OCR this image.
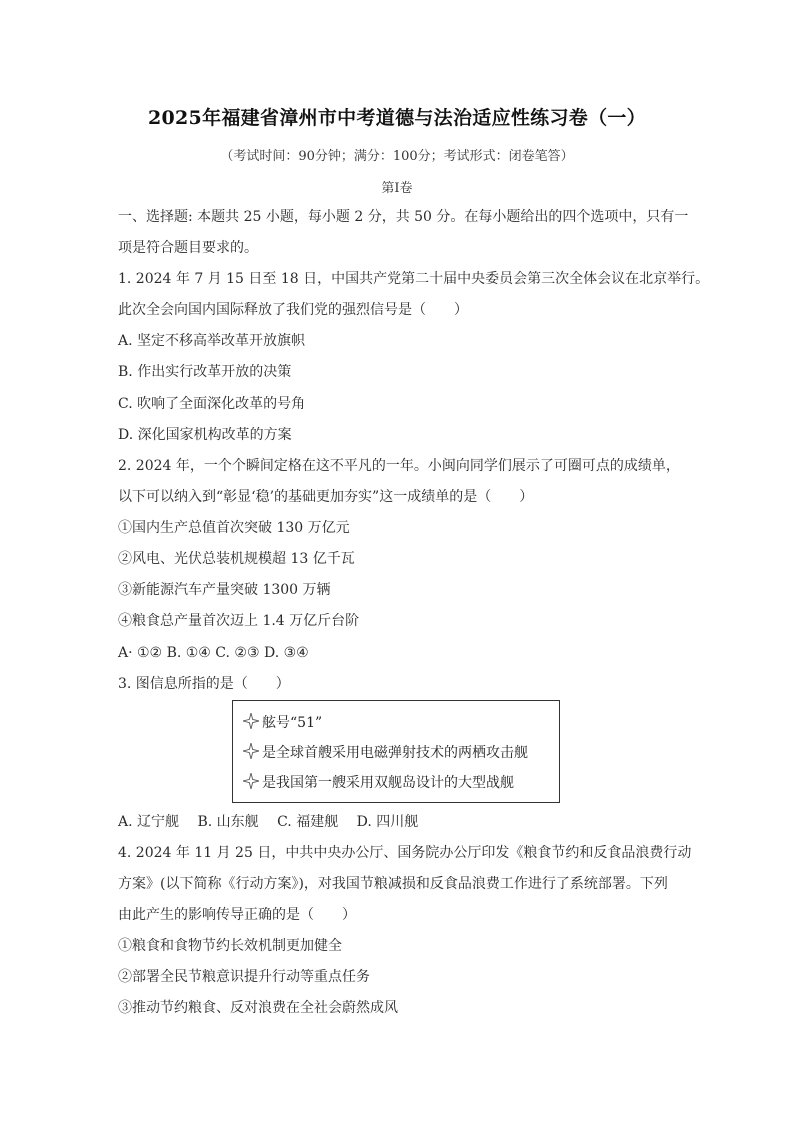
2025年福建省漳州市中考道德与法治适应性练习卷（一）
（考试时间：90分钟；满分：100分；考试形式：闭卷笔答）
第I卷
一、选择题: 本题共 25 小题，每小题 2 分，共 50 分。在每小题给出的四个选项中，只有一
项是符合题目要求的。
1. 2024 年 7 月 15 日至 18 日，中国共产党第二十届中央委员会第三次全体会议在北京举行。
此次全会向国内国际释放了我们党的强烈信号是（　　）
A. 坚定不移高举改革开放旗帜
B. 作出实行改革开放的决策
C. 吹响了全面深化改革的号角
D. 深化国家机构改革的方案
2. 2024 年，一个个瞬间定格在这不平凡的一年。小闽向同学们展示了可圈可点的成绩单，
以下可以纳入到“彰显‘稳’的基础更加夯实”这一成绩单的是（　　）
①国内生产总值首次突破 130 万亿元
②风电、光伏总装机规模超 13 亿千瓦
③新能源汽车产量突破 1300 万辆
④粮食总产量首次迈上 1.4 万亿斤台阶
A· ①② B. ①④ C. ②③ D. ③④
3. 图信息所指的是（　　）
舷号“51”
是全球首艘采用电磁弹射技术的两栖攻击舰
是我国第一艘采用双舰岛设计的大型战舰
A. 辽宁舰　 B. 山东舰　 C. 福建舰　 D. 四川舰
4. 2024 年 11 月 25 日，中共中央办公厅、国务院办公厅印发《粮食节约和反食品浪费行动
方案》(以下简称《行动方案》)，对我国节粮减损和反食品浪费工作进行了系统部署。下列
由此产生的影响传导正确的是（　　）
①粮食和食物节约长效机制更加健全
②部署全民节粮意识提升行动等重点任务
③推动节约粮食、反对浪费在全社会蔚然成风
